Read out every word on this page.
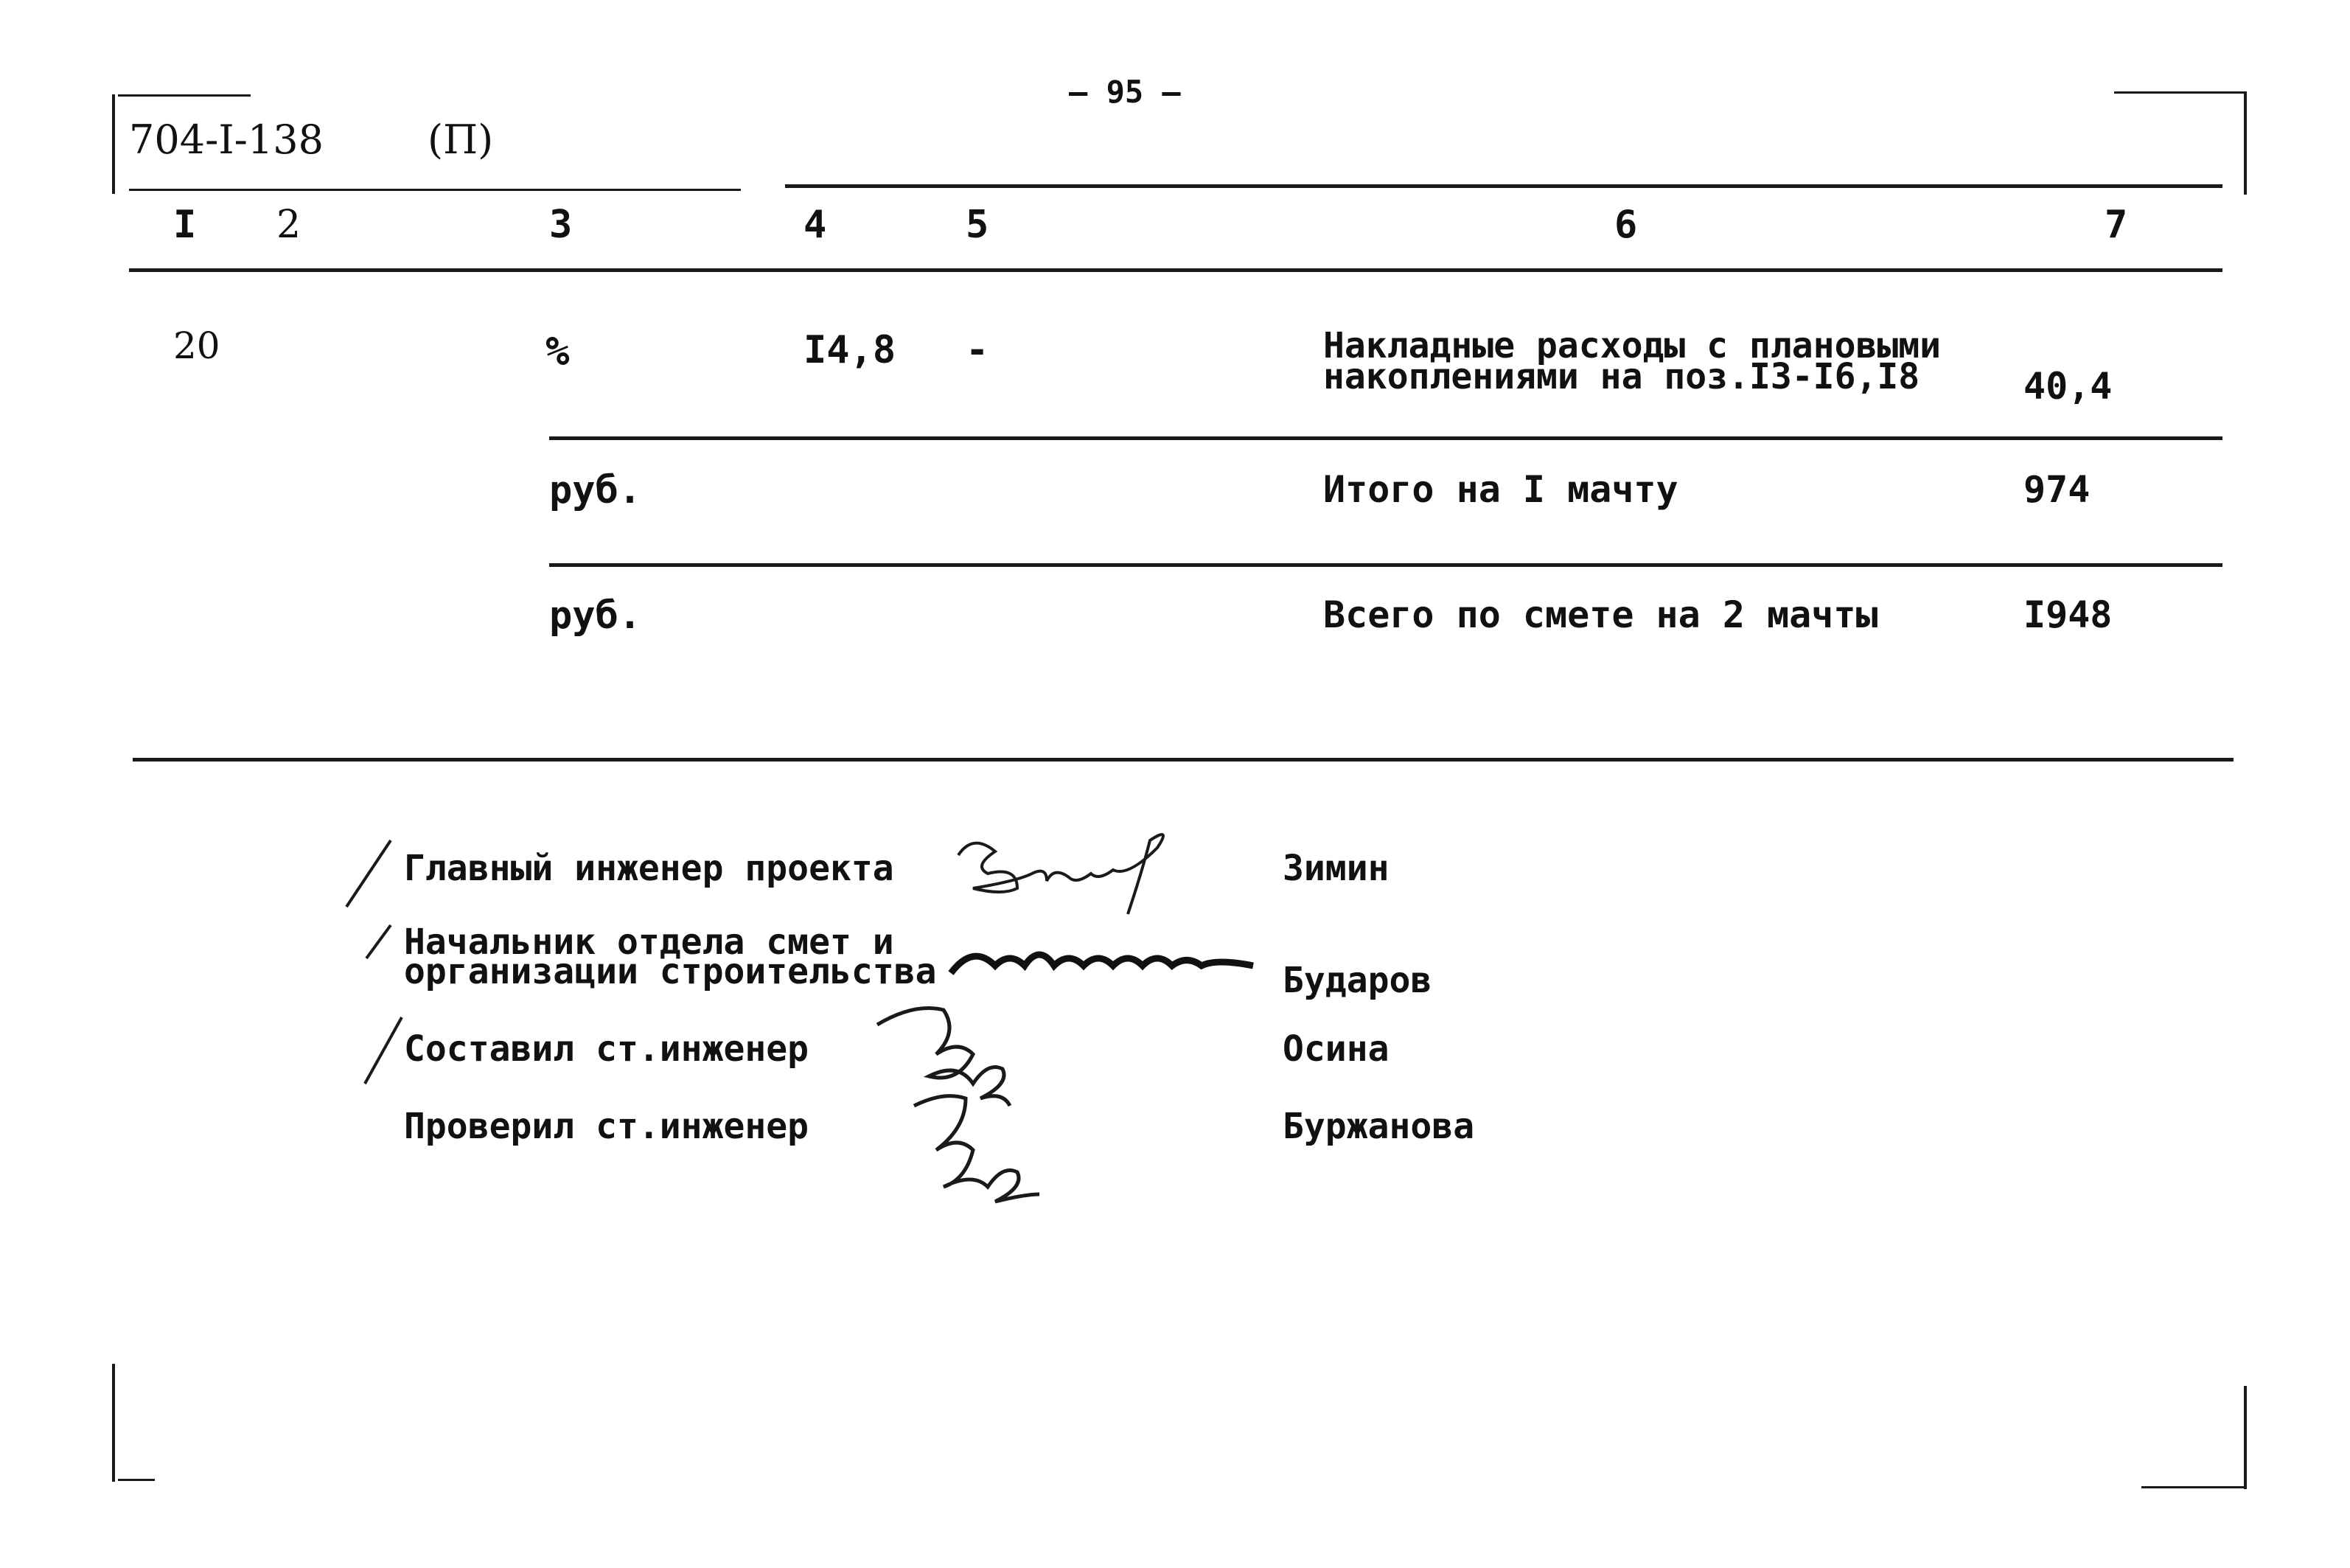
— 95 —
704-I-138	(П)
I 2	3	4	5	6	7
20	%	I4,8 -	Накладные расходы с плановыми
накоплениями на поз.I3-I6,I8	40,4
руб.	Итого на I мачту	974
руб.	Всего по смете на 2 мачты	I948
Главный инженер проекта
Начальник отдела смет и
организации строительства
Составил ст.инженер
Проверил ст.инженер
Зимин
Бударов
Осина
Буржанова
